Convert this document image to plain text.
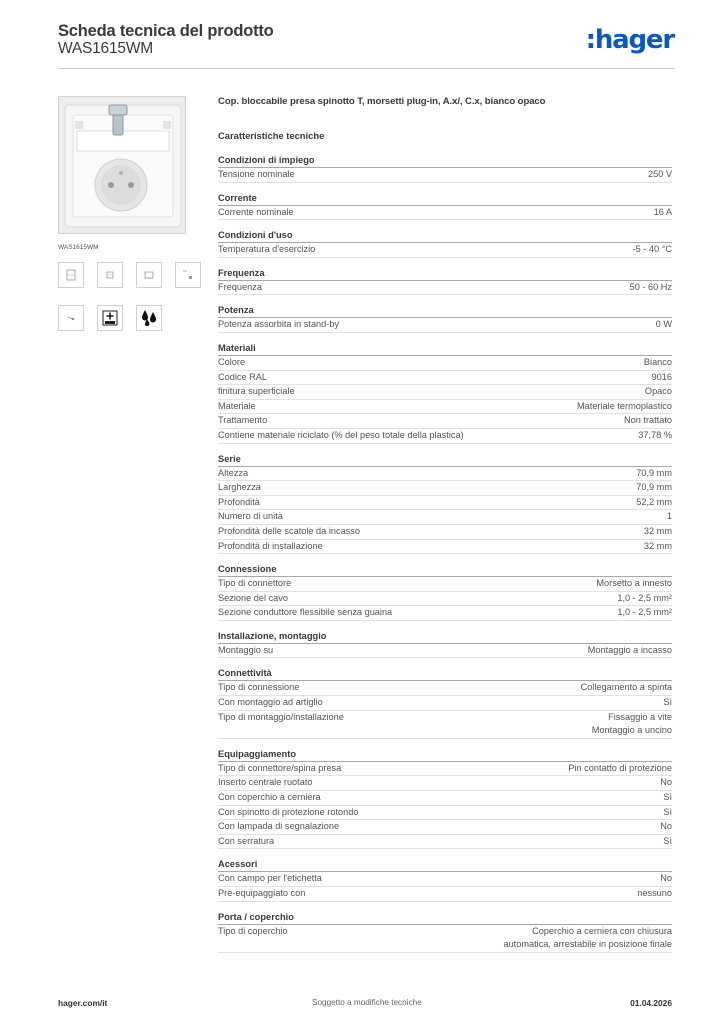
Scheda tecnica del prodotto
WAS1615WM	:hager
WAS1615WM
Cop. bloccabile presa spinotto T, morsetti plug-in, A.x/, C.x, bianco opaco
Caratteristiche tecniche
Condizioni di impiego
Tensione nominale	250 V
Corrente
Corrente nominale	16 A
Condizioni d'uso
Temperatura d'esercizio	-5 - 40 °C
Frequenza
Frequenza	50 - 60 Hz
Potenza
Potenza assorbita in stand-by	0 W
Materiali
Colore	Bianco
Codice RAL	9016
finitura superficiale	Opaco
Materiale	Materiale termoplastico
Trattamento	Non trattato
Contiene materiale riciclato (% del peso totale della plastica)	37,78 %
Serie
Altezza	70,9 mm
Larghezza	70,9 mm
Profondità	52,2 mm
Numero di unità	1
Profondità delle scatole da incasso	32 mm
Profondità di installazione	32 mm
Connessione
Tipo di connettore	Morsetto a innesto
Sezione del cavo	1,0 - 2,5 mm²
Sezione conduttore flessibile senza guaina	1,0 - 2,5 mm²
Installazione, montaggio
Montaggio su	Montaggio a incasso
Connettività
Tipo di connessione	Collegamento a spinta
Con montaggio ad artiglio	Sì
Tipo di montaggio/installazione	Fissaggio a vite
Montaggio a uncino
Equipaggiamento
Tipo di connettore/spina presa	Pin contatto di protezione
Inserto centrale ruotato	No
Con coperchio a cerniera	Sì
Con spinotto di protezione rotondo	Sì
Con lampada di segnalazione	No
Con serratura	Sì
Acessori
Con campo per l'etichetta	No
Pre-equipaggiato con	nessuno
Porta / coperchio
Tipo di coperchio	Coperchio a cerniera con chiusura
automatica, arrestabile in posizione finale
hager.com/it	Soggetto a modifiche tecniche	01.04.2026
